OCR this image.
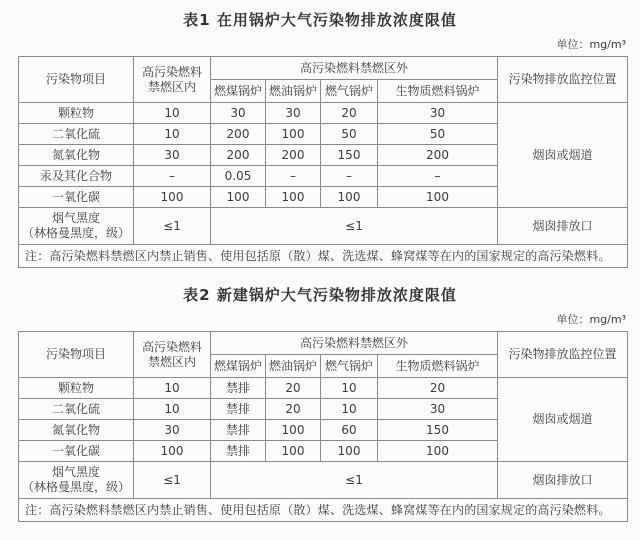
表1 在用锅炉大气污染物排放浓度限值
单位：mg/m³
污染物项目	高污染燃料
禁燃区内	高污染燃料禁燃区外				污染物排放监控位置
		燃煤锅炉	燃油锅炉	燃气锅炉	生物质燃料锅炉	
颗粒物	10	30	30	20	30	烟囱或烟道
二氧化硫	10	200	100	50	50	
氮氧化物	30	200	200	150	200	
汞及其化合物	–	0.05	–	–	–	
一氧化碳	100	100	100	100	100	

烟气黑度
（林格曼黑度，级）	≤1	≤1				烟囱排放口
注：高污染燃料禁燃区内禁止销售、使用包括原（散）煤、洗选煤、蜂窝煤等在内的国家规定的高污染燃料。						
表2 新建锅炉大气污染物排放浓度限值
单位：mg/m³
污染物项目	高污染燃料
禁燃区内	高污染燃料禁燃区外				污染物排放监控位置
		燃煤锅炉	燃油锅炉	燃气锅炉	生物质燃料锅炉	
颗粒物	10	禁排	20	10	20	烟囱或烟道
二氧化硫	10	禁排	20	10	30	
氮氧化物	30	禁排	100	60	150	
一氧化碳	100	禁排	100	100	100	

烟气黑度
（林格曼黑度，级）	≤1	≤1				烟囱排放口
注：高污染燃料禁燃区内禁止销售、使用包括原（散）煤、洗选煤、蜂窝煤等在内的国家规定的高污染燃料。						
